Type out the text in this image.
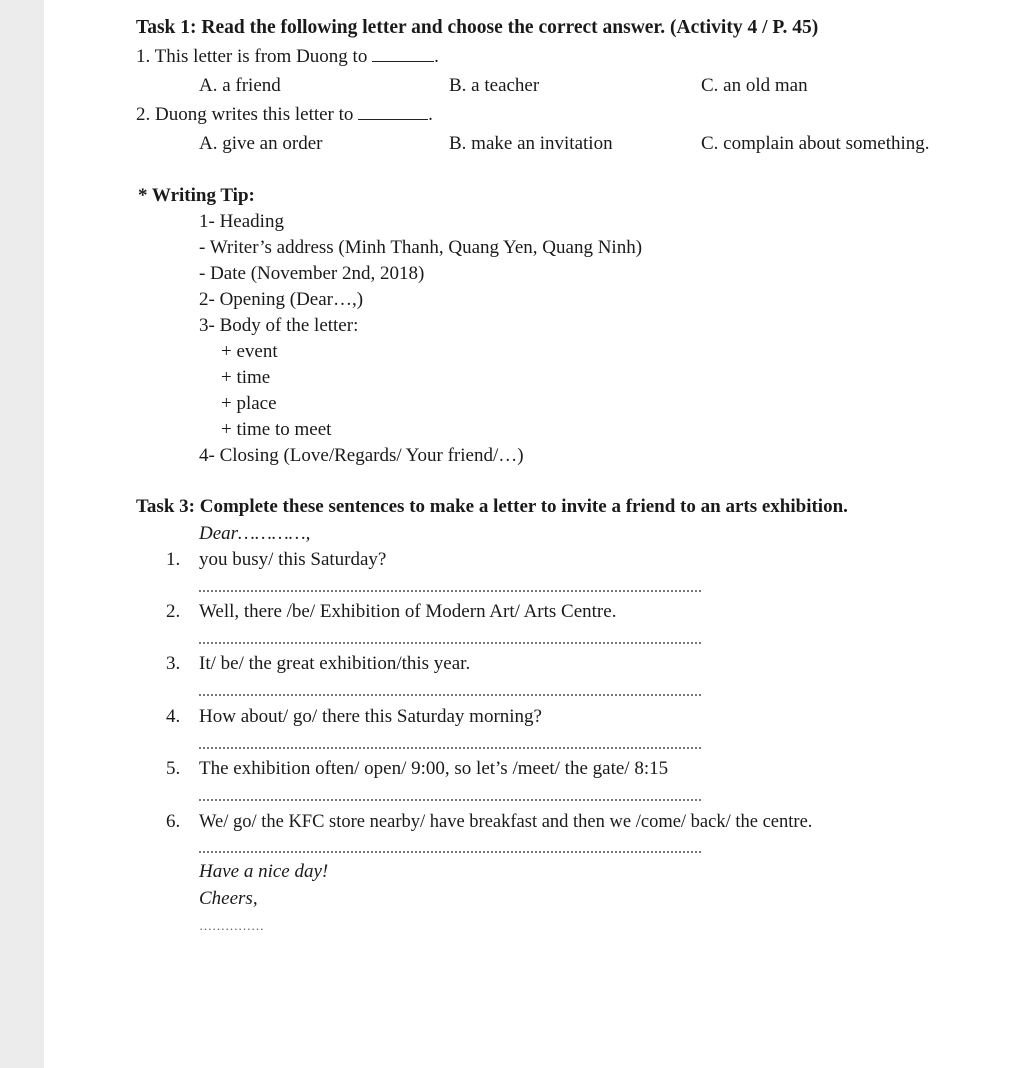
Task 1: Read the following letter and choose the correct answer. (Activity 4 / P. 45)
1. This letter is from Duong to	.
A. a friend	B. a teacher	C. an old man
2. Duong writes this letter to	.
A. give an order	B. make an invitation	C. complain about something.
* Writing Tip:
1- Heading
- Writer’s address (Minh Thanh, Quang Yen, Quang Ninh)
- Date (November 2nd, 2018)
2- Opening (Dear…,)
3- Body of the letter:
+ event
+ time
+ place
+ time to meet
4- Closing (Love/Regards/ Your friend/…)
Task 3: Complete these sentences to make a letter to invite a friend to an arts exhibition.
Dear…………,
1. you busy/ this Saturday?
2. Well, there /be/ Exhibition of Modern Art/ Arts Centre.
3. It/ be/ the great exhibition/this year.
4. How about/ go/ there this Saturday morning?
5. The exhibition often/ open/ 9:00, so let’s /meet/ the gate/ 8:15
6. We/ go/ the KFC store nearby/ have breakfast and then we /come/ back/ the centre.
Have a nice day!
Cheers,
……………
